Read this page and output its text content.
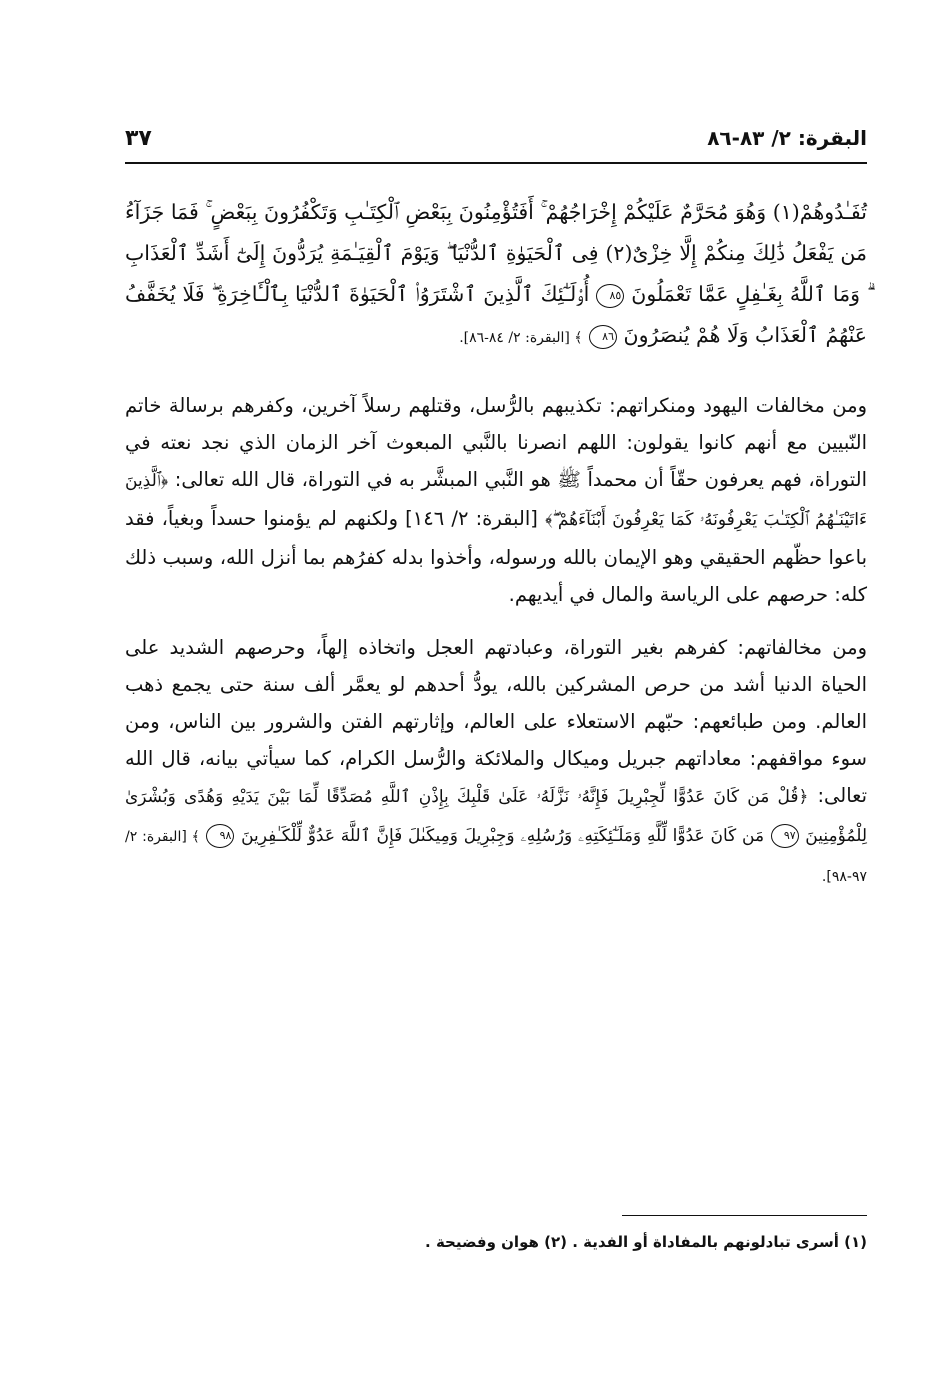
البقرة: ٢/ ٨٣-٨٦
٣٧
تُفَـٰدُوهُمْ(١) وَهُوَ مُحَرَّمٌ عَلَيْكُمْ إِخْرَاجُهُمْ ۚ أَفَتُؤْمِنُونَ بِبَعْضِ ٱلْكِتَـٰبِ وَتَكْفُرُونَ بِبَعْضٍ ۚ فَمَا جَزَآءُ مَن يَفْعَلُ ذَٰلِكَ مِنكُمْ إِلَّا خِزْىٌ(٢) فِى ٱلْحَيَوٰةِ ٱلدُّنْيَا ۖ وَيَوْمَ ٱلْقِيَـٰمَةِ يُرَدُّونَ إِلَىٰٓ أَشَدِّ ٱلْعَذَابِ ۗ وَمَا ٱللَّهُ بِغَـٰفِلٍ عَمَّا تَعْمَلُونَ ٨٥ أُو۟لَـٰٓئِكَ ٱلَّذِينَ ٱشْتَرَوُا۟ ٱلْحَيَوٰةَ ٱلدُّنْيَا بِٱلْـَٔاخِرَةِ ۖ فَلَا يُخَفَّفُ عَنْهُمُ ٱلْعَذَابُ وَلَا هُمْ يُنصَرُونَ ٨٦ ﴾ [البقرة: ٢/ ٨٤-٨٦].
ومن مخالفات اليهود ومنكراتهم: تكذيبهم بالرُّسل، وقتلهم رسلاً آخرين، وكفرهم برسالة خاتم النّبيين مع أنهم كانوا يقولون: اللهم انصرنا بالنَّبي المبعوث آخر الزمان الذي نجد نعته في التوراة، فهم يعرفون حقّاً أن محمداً ﷺ هو النَّبي المبشَّر به في التوراة، قال الله تعالى: ﴿ٱلَّذِينَ ءَاتَيْنَـٰهُمُ ٱلْكِتَـٰبَ يَعْرِفُونَهُۥ كَمَا يَعْرِفُونَ أَبْنَآءَهُمْ ۖ﴾ [البقرة: ٢/ ١٤٦] ولكنهم لم يؤمنوا حسداً وبغياً، فقد باعوا حظّهم الحقيقي وهو الإيمان بالله ورسوله، وأخذوا بدله كفرُهم بما أنزل الله، وسبب ذلك كله: حرصهم على الرياسة والمال في أيديهم.
ومن مخالفاتهم: كفرهم بغير التوراة، وعبادتهم العجل واتخاذه إلهاً، وحرصهم الشديد على الحياة الدنيا أشد من حرص المشركين بالله، يودُّ أحدهم لو يعمَّر ألف سنة حتى يجمع ذهب العالم. ومن طبائعهم: حبّهم الاستعلاء على العالم، وإثارتهم الفتن والشرور بين الناس، ومن سوء مواقفهم: معاداتهم جبريل وميكال والملائكة والرُّسل الكرام، كما سيأتي بيانه، قال الله تعالى: ﴿قُلْ مَن كَانَ عَدُوًّا لِّجِبْرِيلَ فَإِنَّهُۥ نَزَّلَهُۥ عَلَىٰ قَلْبِكَ بِإِذْنِ ٱللَّهِ مُصَدِّقًا لِّمَا بَيْنَ يَدَيْهِ وَهُدًى وَبُشْرَىٰ لِلْمُؤْمِنِينَ ٩٧ مَن كَانَ عَدُوًّا لِّلَّهِ وَمَلَـٰٓئِكَتِهِۦ وَرُسُلِهِۦ وَجِبْرِيلَ وَمِيكَىٰلَ فَإِنَّ ٱللَّهَ عَدُوٌّ لِّلْكَـٰفِرِينَ ٩٨ ﴾ [البقرة: ٢/ ٩٧-٩٨].
(١) أسرى تبادلونهم بالمفاداة أو الفدية . (٢) هوان وفضيحة .
